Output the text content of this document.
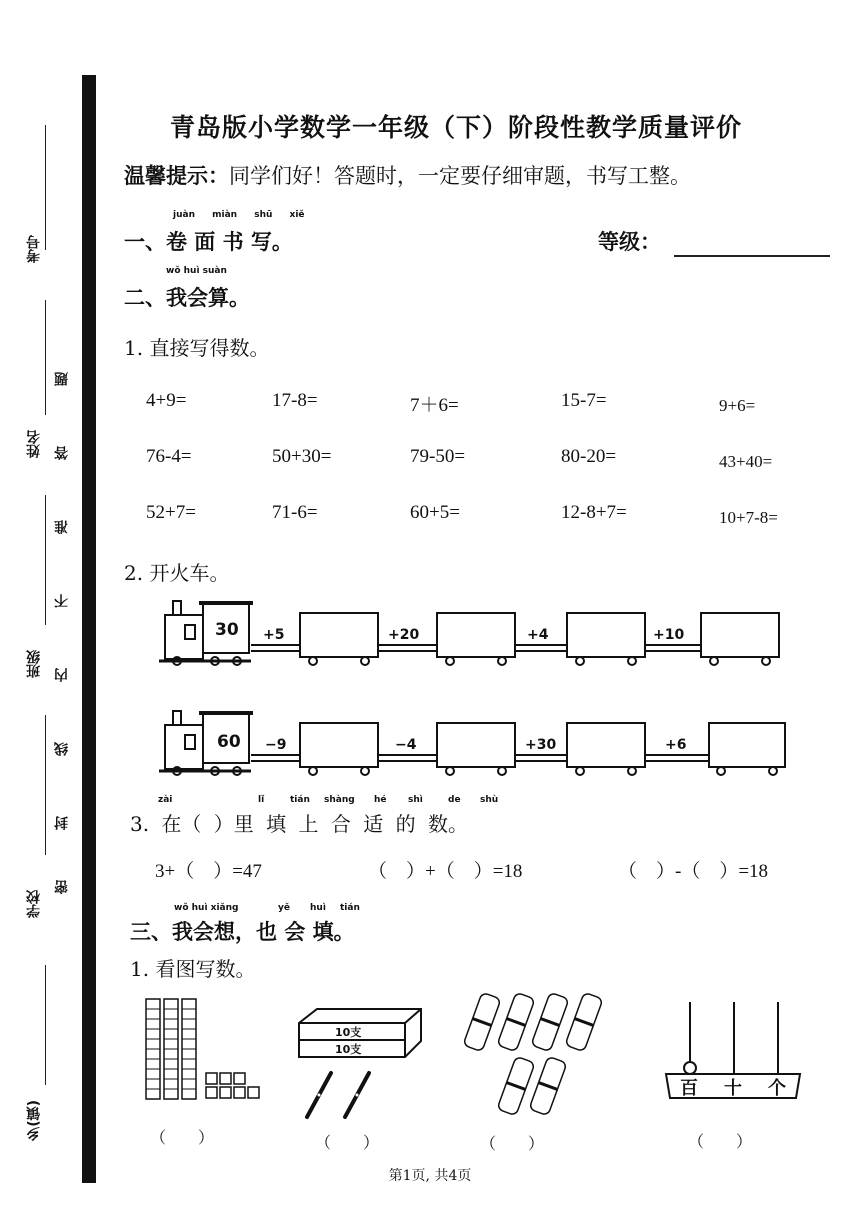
考号
姓名
班级
学校
乡(镇)
题
答
准
不
内
线
封
密
青岛版小学数学一年级（下）阶段性教学质量评价
温馨提示：同学们好！答题时，一定要仔细审题，书写工整。
juàn miàn shū xiě
一、卷 面 书 写。	等级：
wǒ huì suàn
二、我会算。
1. 直接写得数。
4+9=	17-8=	7＋6=	15-7=	9+6=
76-4=	50+30=	79-50=	80-20=	43+40=
52+7=	71-6=	60+5=	12-8+7=	10+7-8=
2. 开火车。
30 +5	+20	+4	+10
60 −9	−4	+30	+6
zài	lǐ	tián shàng hé shì	de shù
3. 在（ ）里 填 上 合 适 的 数。
3+（　）=47	（　）+（　）=18	（　）-（　）=18
wǒ huì xiǎng	yě huì tián
三、我会想，也 会 填。
1. 看图写数。
10支
10支
百 十 个
（　　）	（　　）	（　　）	（　　）
第1页, 共4页
